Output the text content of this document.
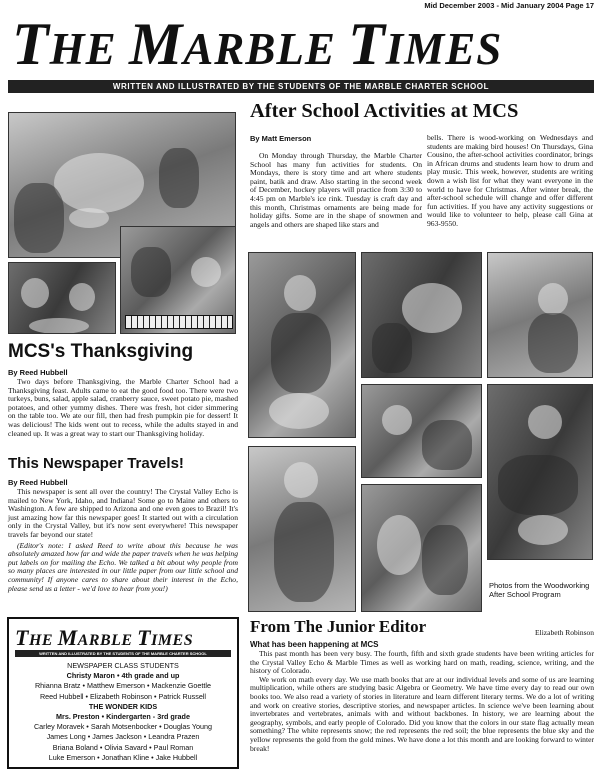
Mid December 2003 - Mid January 2004 Page 17
THE MARBLE TIMES
WRITTEN AND ILLUSTRATED BY THE STUDENTS OF THE MARBLE CHARTER SCHOOL
MCS's Thanksgiving
By Reed Hubbell

Two days before Thanksgiving, the Marble Charter School had a Thanksgiving feast. Adults came to eat the good food too. There were two turkeys, buns, salad, apple salad, cranberry sauce, sweet potato pie, mashed potatoes, and other yummy dishes. There was fresh, hot cider simmering on the table too. We ate our fill, then had fresh pumpkin pie for dessert! It was delicious! The kids went out to recess, while the adults stayed in and cleaned up. It was a great way to start our Thanksgiving holiday.

This Newspaper Travels!
By Reed Hubbell

This newspaper is sent all over the country! The Crystal Valley Echo is mailed to New York, Idaho, and Indiana! Some go to Maine and others to Washington. A few are shipped to Arizona and one even goes to Brazil! It's just amazing how far this newspaper goes! It started out with a circulation only in the Crystal Valley, but it's now sent everywhere! This newspaper travels far beyond our state!

(Editor's note: I asked Reed to write about this because he was absolutely amazed how far and wide the paper travels when he was helping put labels on for mailing the Echo. We talked a bit about why people from so many places are interested in our little paper from our little school and community! If anyone cares to share about their interest in the Echo, please send us a letter - we'd love to hear from you!)

THE MARBLE TIMES
WRITTEN AND ILLUSTRATED BY THE STUDENTS OF THE MARBLE CHARTER SCHOOL
NEWSPAPER CLASS STUDENTS
Christy Maron • 4th grade and up
Rhianna Bratz • Matthew Emerson • Mackenzie Goettle
Reed Hubbell • Elizabeth Robinson • Patrick Russell
THE WONDER KIDS
Mrs. Preston • Kindergarten - 3rd grade
Carley Moravek • Sarah Motsenbocker • Douglas Young
James Long • James Jackson • Leandra Prazen
Briana Boland • Olivia Savard • Paul Roman
Luke Emerson • Jonathan Kline • Jake Hubbell
After School Activities at MCS
By Matt Emerson

On Monday through Thursday, the Marble Charter School has many fun activities for students. On Mondays, there is story time and art where students paint, batik and draw. Also starting in the second week of December, hockey players will practice from 3:30 to 4:45 pm on Marble's ice rink. Tuesday is craft day and this month, Christmas ornaments are being made for holiday gifts. Some are in the shape of snowmen and angels and others are shaped like stars and

bells. There is wood-working on Wednesdays and students are making bird houses! On Thursdays, Gina Cousino, the after-school activities coordinator, brings in African drums and students learn how to drum and play music. This week, however, students are writing down a wish list for what they want everyone in the world to have for Christmas. After winter break, the after-school schedule will change and offer different fun activities. If you have any activity suggestions or would like to volunteer to help, please call Gina at 963-9550.

Photos from the Woodworking
After School Program
From The Junior Editor	Elizabeth Robinson
What has been happening at MCS

This past month has been very busy. The fourth, fifth and sixth grade students have been writing articles for the Crystal Valley Echo & Marble Times as well as working hard on math, reading, science, writing, and the history of Colorado.

We work on math every day. We use math books that are at our individual levels and some of us are learning multiplication, while others are studying basic Algebra or Geometry. We have time every day to read our own books too. We also read a variety of stories in literature and learn different literary terms. We do a lot of writing and work on creative stories, descriptive stories, and newspaper articles. In science we've been learning about invertebrates and vertebrates, animals with and without backbones. In history, we are learning about the geography, symbols, and early people of Colorado. Did you know that the colors in our state flag actually mean something? The white represents snow; the red represents the red soil; the blue represents the blue sky and the yellow represents the gold from the gold mines. We have done a lot this month and are looking forward to winter break!
